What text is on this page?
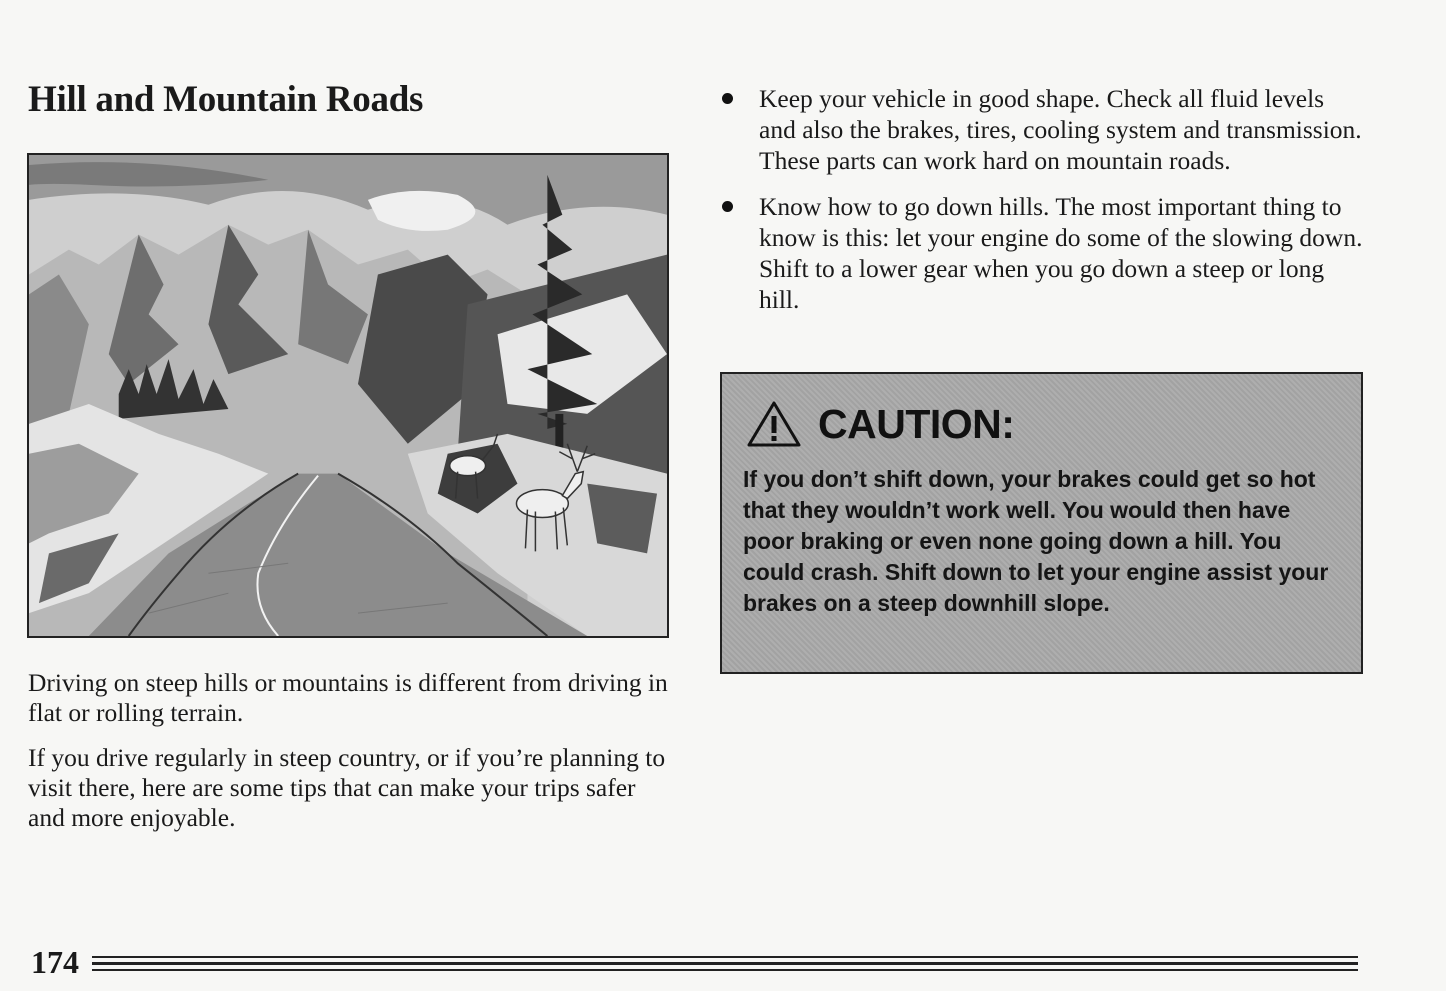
Hill and Mountain Roads

Driving on steep hills or mountains is different from driving in flat or rolling terrain.

If you drive regularly in steep country, or if you’re planning to visit there, here are some tips that can make your trips safer and more enjoyable.

Keep your vehicle in good shape. Check all fluid levels and also the brakes, tires, cooling system and transmission. These parts can work hard on mountain roads.
Know how to go down hills. The most important thing to know is this: let your engine do some of the slowing down. Shift to a lower gear when you go down a steep or long hill.
CAUTION:

If you don’t shift down, your brakes could get so hot that they wouldn’t work well. You would then have poor braking or even none going down a hill. You could crash. Shift down to let your engine assist your brakes on a steep downhill slope.

174
